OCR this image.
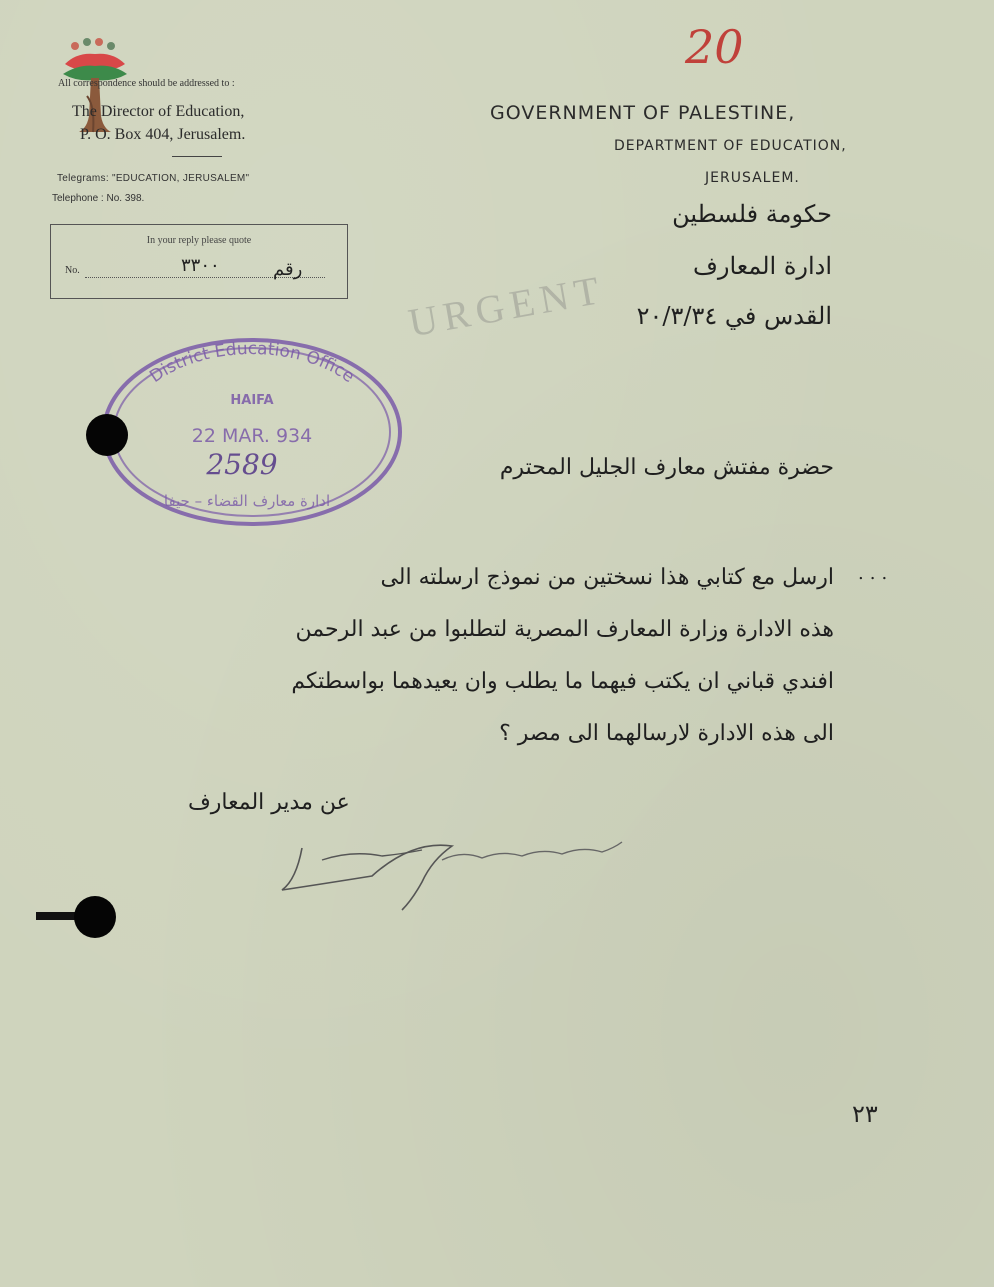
All correspondence should be addressed to :
The Director of Education,
P. O. Box 404, Jerusalem.
Telegrams: "EDUCATION, JERUSALEM"
Telephone : No. 398.
In your reply please quote
No.	٣٣٠٠	رقم
20
GOVERNMENT OF PALESTINE,
DEPARTMENT OF EDUCATION,
JERUSALEM.
حكومة فلسطين
ادارة المعارف
القدس في ٢٠/٣/٣٤
URGENT
District Education Office
HAIFA
22 MAR. 934
2589
ادارة معارف القضاء – حيفا
حضرة مفتش معارف الجليل المحترم
...
ارسل مع كتابي هذا نسختين من نموذج ارسلته الى
هذه الادارة وزارة المعارف المصرية لتطلبوا من عبد الرحمن
افندي قباني ان يكتب فيهما ما يطلب وان يعيدهما بواسطتكم
الى هذه الادارة لارسالهما الى مصر ؟
عن مدير المعارف
٢٣
